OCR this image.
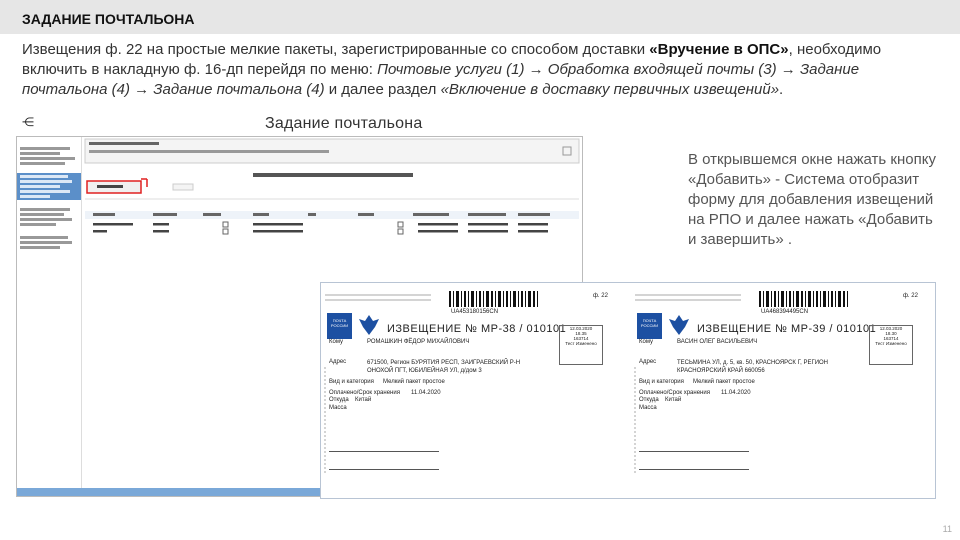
ЗАДАНИЕ ПОЧТАЛЬОНА
Извещения ф. 22 на простые мелкие пакеты, зарегистрированные со способом доставки «Вручение в ОПС», необходимо включить в накладную ф. 16-дп перейдя по меню: Почтовые услуги (1) → Обработка входящей почты (3) → Задание почтальона (4) → Задание почтальона (4) и далее раздел «Включение в доставку первичных извещений».
⋲	Задание почтальона
ф. 22
UA453180156CN
ПОЧТА
РОССИИ	ИЗВЕЩЕНИЕ № МР-38 / 010101 12.03.2020
18.35
163714
Тест Изменено
Кому	РОМАШКИН ФЁДОР МИХАЙЛОВИЧ
Адрес	671500, Регион БУРЯТИЯ РЕСП, ЗАИГРАЕВСКИЙ Р-Н ОНОХОЙ ПГТ, ЮБИЛЕЙНАЯ УЛ, д/дом 3
Вид и категория Мелкий пакет простое
Оплачено/Срок хранения 11.04.2020
Откуда Китай
Масса
ф. 22
UA468394495CN
ПОЧТА
РОССИИ	ИЗВЕЩЕНИЕ № МР-39 / 010101 12.03.2020
18.30
163714
Тест Изменено
Кому	ВАСИН ОЛЕГ ВАСИЛЬЕВИЧ
Адрес	ТЕСЬМИНА УЛ, д. 5, кв. 50, КРАСНОЯРСК Г, РЕГИОН КРАСНОЯРСКИЙ КРАЙ 660056
Вид и категория Мелкий пакет простое
Оплачено/Срок хранения 11.04.2020
Откуда Китай
Масса
В открывшемся окне нажать кнопку «Добавить» - Система отобразит форму для добавления извещений на РПО и далее нажать «Добавить и завершить» .
11
